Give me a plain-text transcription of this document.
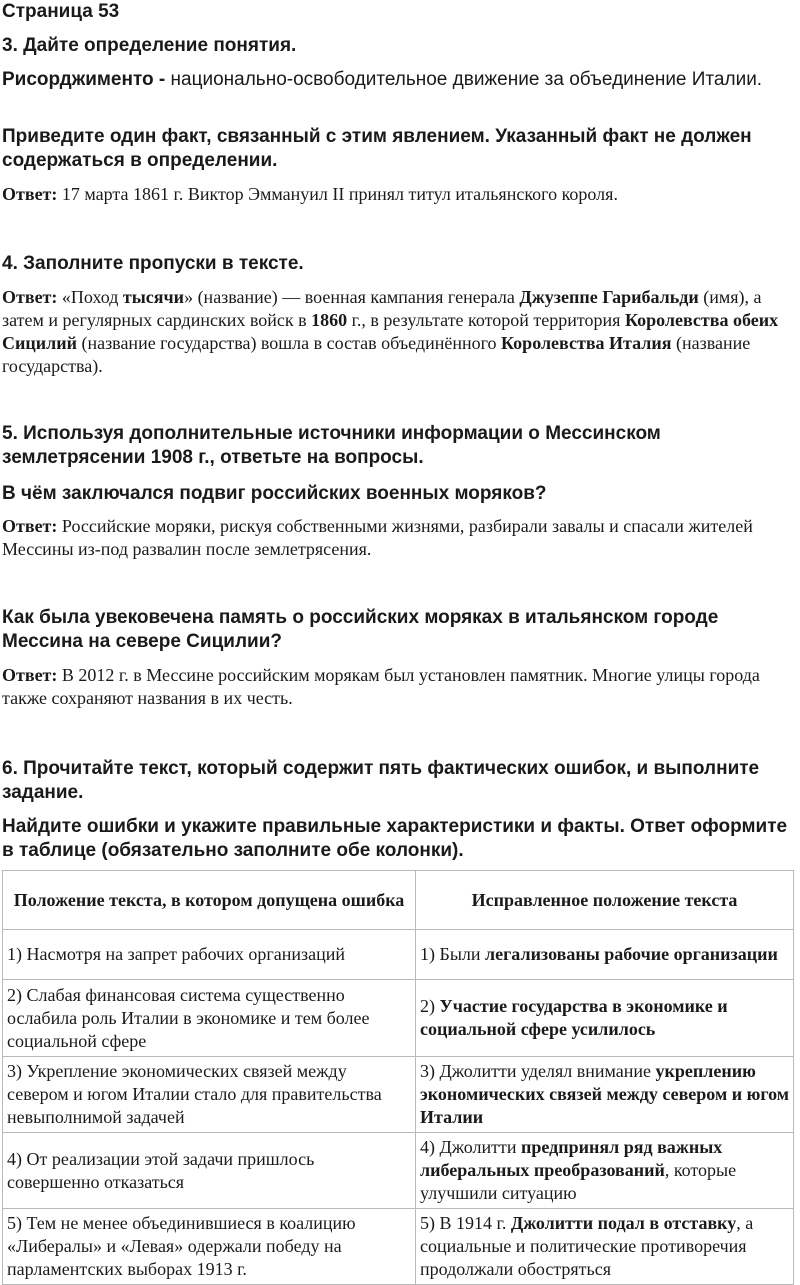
Страница 53

3. Дайте определение понятия.

Рисорджименто - национально-освободительное движение за объединение Италии.

Приведите один факт, связанный с этим явлением. Указанный факт не должен содержаться в определении.

Ответ: 17 марта 1861 г. Виктор Эммануил II принял титул итальянского короля.

4. Заполните пропуски в тексте.

Ответ: «Поход тысячи» (название) — военная кампания генерала Джузеппе Гарибальди (имя), а затем и регулярных сардинских войск в 1860 г., в результате которой территория Королевства обеих Сицилий (название государства) вошла в состав объединённого Королевства Италия (название государства).

5. Используя дополнительные источники информации о Мессинском землетрясении 1908 г., ответьте на вопросы.

В чём заключался подвиг российских военных моряков?

Ответ: Российские моряки, рискуя собственными жизнями, разбирали завалы и спасали жителей Мессины из-под развалин после землетрясения.

Как была увековечена память о российских моряках в итальянском городе Мессина на севере Сицилии?

Ответ: В 2012 г. в Мессине российским морякам был установлен памятник. Многие улицы города также сохраняют названия в их честь.

6. Прочитайте текст, который содержит пять фактических ошибок, и выполните задание.

Найдите ошибки и укажите правильные характеристики и факты. Ответ оформите в таблице (обязательно заполните обе колонки).

Положение текста, в котором допущена ошибка	Исправленное положение текста
1) Насмотря на запрет рабочих организаций	1) Были легализованы рабочие организации
2) Слабая финансовая система существенно ослабила роль Италии в экономике и тем более социальной сфере	2) Участие государства в экономике и социальной сфере усилилось
3) Укрепление экономических связей между севером и югом Италии стало для правительства невыполнимой задачей	3) Джолитти уделял внимание укреплению экономических связей между севером и югом Италии
4) От реализации этой задачи пришлось совершенно отказаться	4) Джолитти предпринял ряд важных либеральных преобразований, которые улучшили ситуацию
5) Тем не менее объединившиеся в коалицию «Либералы» и «Левая» одержали победу на парламентских выборах 1913 г.	5) В 1914 г. Джолитти подал в отставку, а социальные и политические противоречия продолжали обостряться
